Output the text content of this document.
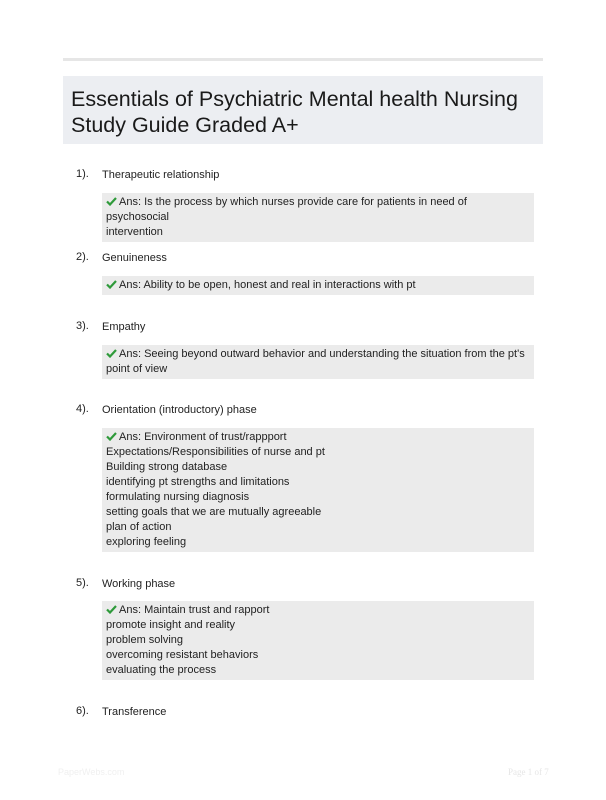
Essentials of Psychiatric Mental health Nursing
Study Guide Graded A+
1). Therapeutic relationship
Ans: Is the process by which nurses provide care for patients in need of psychosocial
intervention
2). Genuineness
Ans: Ability to be open, honest and real in interactions with pt
3). Empathy
Ans: Seeing beyond outward behavior and understanding the situation from the pt's
point of view
4). Orientation (introductory) phase
Ans: Environment of trust/rappport
Expectations/Responsibilities of nurse and pt
Building strong database
identifying pt strengths and limitations
formulating nursing diagnosis
setting goals that we are mutually agreeable
plan of action
exploring feeling
5). Working phase
Ans: Maintain trust and rapport
promote insight and reality
problem solving
overcoming resistant behaviors
evaluating the process
6). Transference
PaperWebs.com	Page 1 of 7
